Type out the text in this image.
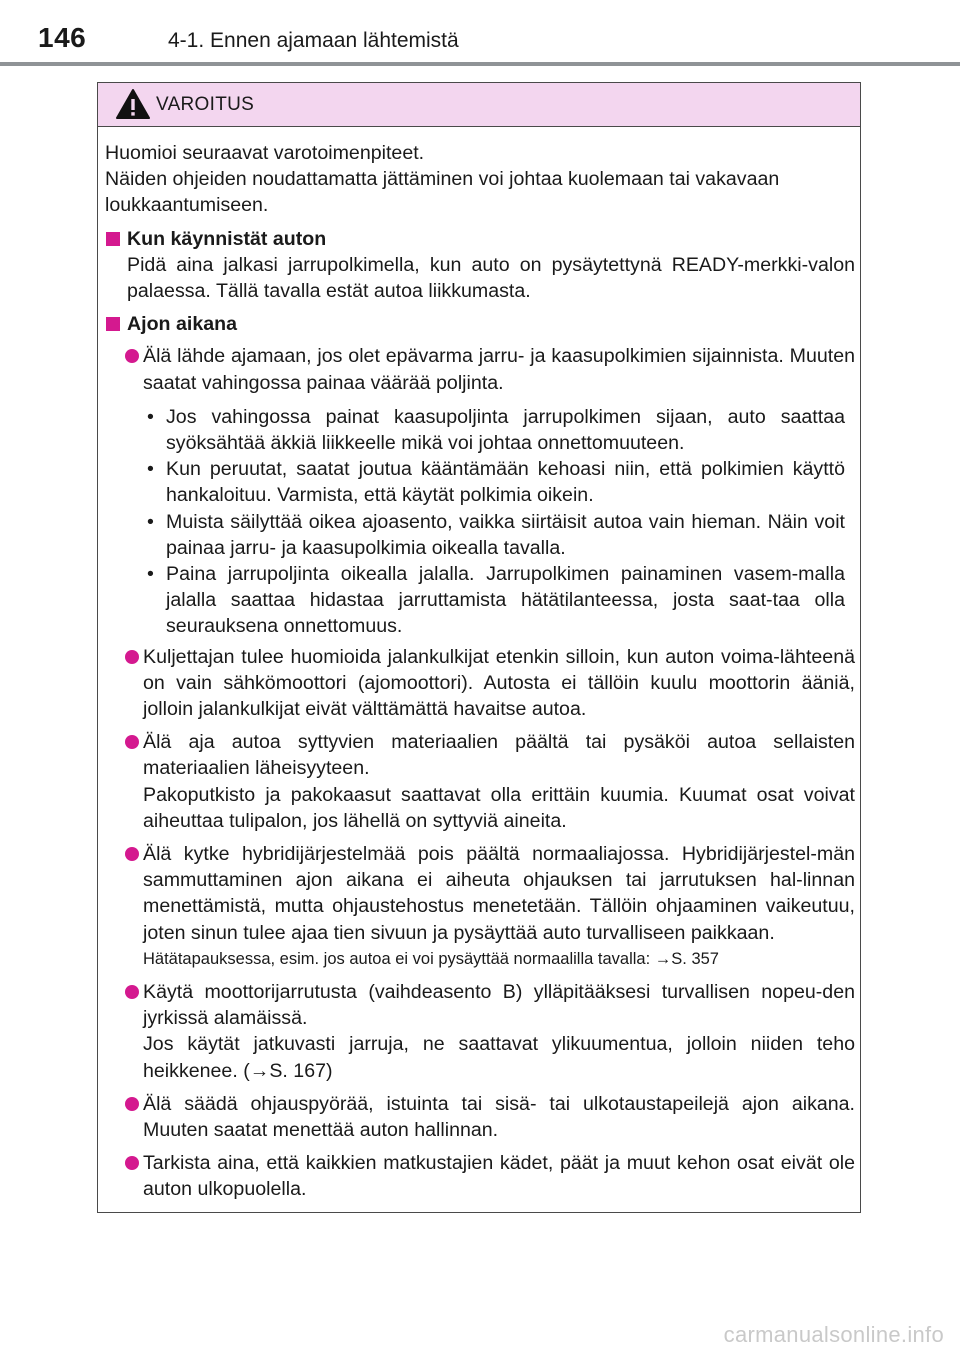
146	4-1. Ennen ajamaan lähtemistä
VAROITUS

Huomioi seuraavat varotoimenpiteet.

Näiden ohjeiden noudattamatta jättäminen voi johtaa kuolemaan tai vakavaan loukkaantumiseen.

Kun käynnistät auton
Pidä aina jalkasi jarrupolkimella, kun auto on pysäytettynä READY-merkki-valon palaessa. Tällä tavalla estät autoa liikkumasta.
Ajon aikana
Älä lähde ajamaan, jos olet epävarma jarru- ja kaasupolkimien sijainnista. Muuten saatat vahingossa painaa väärää poljinta.
• Jos vahingossa painat kaasupoljinta jarrupolkimen sijaan, auto saattaa syöksähtää äkkiä liikkeelle mikä voi johtaa onnettomuuteen.
• Kun peruutat, saatat joutua kääntämään kehoasi niin, että polkimien käyttö hankaloituu. Varmista, että käytät polkimia oikein.
• Muista säilyttää oikea ajoasento, vaikka siirtäisit autoa vain hieman. Näin voit painaa jarru- ja kaasupolkimia oikealla tavalla.
• Paina jarrupoljinta oikealla jalalla. Jarrupolkimen painaminen vasem-malla jalalla saattaa hidastaa jarruttamista hätätilanteessa, josta saat-taa olla seurauksena onnettomuus.
Kuljettajan tulee huomioida jalankulkijat etenkin silloin, kun auton voima-lähteenä on vain sähkömoottori (ajomoottori). Autosta ei tällöin kuulu moottorin ääniä, jolloin jalankulkijat eivät välttämättä havaitse autoa.
Älä aja autoa syttyvien materiaalien päältä tai pysäköi autoa sellaisten materiaalien läheisyyteen.
Pakoputkisto ja pakokaasut saattavat olla erittäin kuumia. Kuumat osat voivat aiheuttaa tulipalon, jos lähellä on syttyviä aineita.
Älä kytke hybridijärjestelmää pois päältä normaaliajossa. Hybridijärjestel-män sammuttaminen ajon aikana ei aiheuta ohjauksen tai jarrutuksen hal-linnan menettämistä, mutta ohjaustehostus menetetään. Tällöin ohjaaminen vaikeutuu, joten sinun tulee ajaa tien sivuun ja pysäyttää auto turvalliseen paikkaan.
Hätätapauksessa, esim. jos autoa ei voi pysäyttää normaalilla tavalla: →S. 357
Käytä moottorijarrutusta (vaihdeasento B) ylläpitääksesi turvallisen nopeu-den jyrkissä alamäissä.
Jos käytät jatkuvasti jarruja, ne saattavat ylikuumentua, jolloin niiden teho heikkenee. (→S. 167)
Älä säädä ohjauspyörää, istuinta tai sisä- tai ulkotaustapeilejä ajon aikana. Muuten saatat menettää auton hallinnan.
Tarkista aina, että kaikkien matkustajien kädet, päät ja muut kehon osat eivät ole auton ulkopuolella.
carmanualsonline.info
